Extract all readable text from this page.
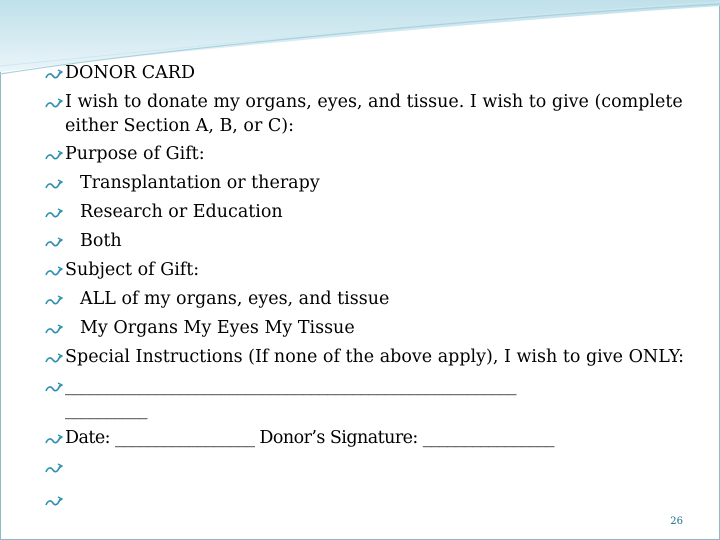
DONOR CARD
I wish to donate my organs, eyes, and tissue. I wish to give (complete
either Section A, B, or C):
Purpose of Gift:
Transplantation or therapy
Research or Education
Both
Subject of Gift:
ALL of my organs, eyes, and tissue
My Organs My Eyes My Tissue
Special Instructions (If none of the above apply), I wish to give ONLY:
_______________________________________________________
__________
Date: _________________ Donor’s Signature: ________________
26
